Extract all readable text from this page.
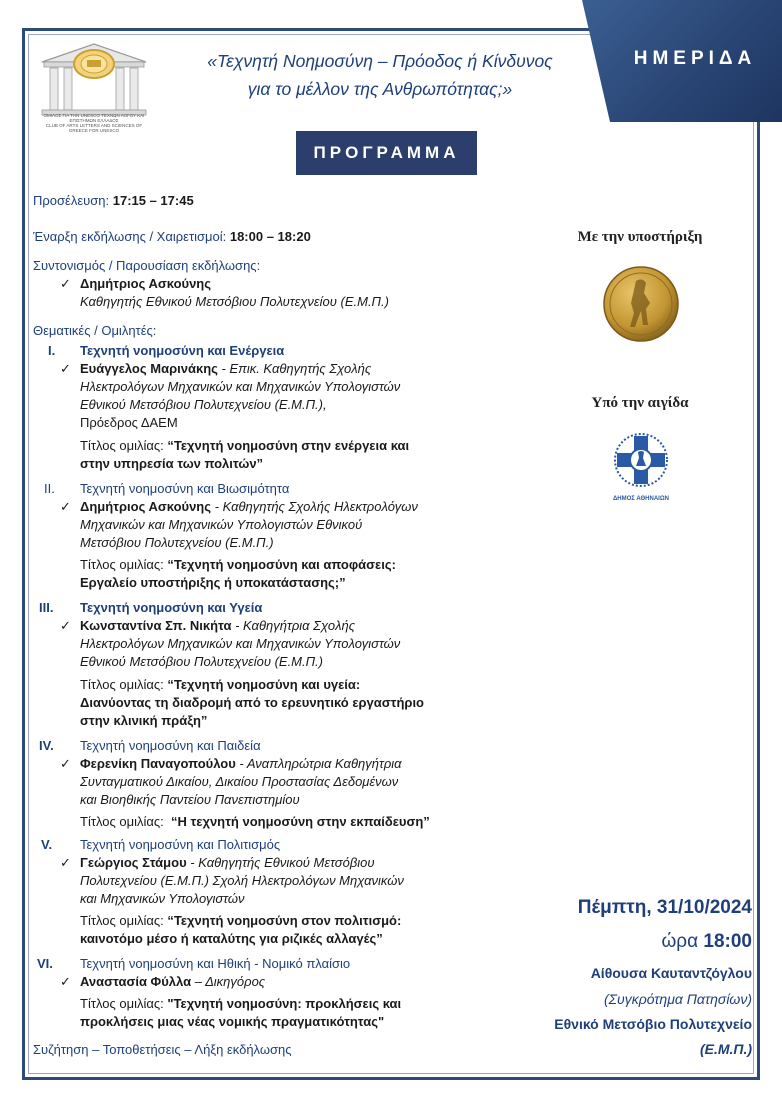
ΗΜΕΡΙΔΑ
ΟΜΙΛΟΣ ΓΙΑ ΤΗΝ UNESCO ΤΕΧΝΩΝ ΛΟΓΟΥ ΚΑΙ ΕΠΙΣΤΗΜΩΝ ΕΛΛΑΔΟΣ
CLUB OF ARTS LETTERS AND SCIENCES OF GREECE FOR UNESCO
«Τεχνητή Νοημοσύνη – Πρόοδος ή Κίνδυνος
για το μέλλον της Ανθρωπότητας;»
ΠΡΟΓΡΑΜΜΑ
Προσέλευση: 17:15 – 17:45
Έναρξη εκδήλωσης / Χαιρετισμοί: 18:00 – 18:20
Συντονισμός / Παρουσίαση εκδήλωσης:
✓ Δημήτριος Ασκούνης
Καθηγητής Εθνικού Μετσόβιου Πολυτεχνείου (Ε.Μ.Π.)
Θεματικές / Ομιλητές:
I. Τεχνητή νοημοσύνη και Ενέργεια
✓ Ευάγγελος Μαρινάκης - Επικ. Καθηγητής Σχολής
Ηλεκτρολόγων Μηχανικών και Μηχανικών Υπολογιστών
Εθνικού Μετσόβιου Πολυτεχνείου (Ε.Μ.Π.),
Πρόεδρος ΔΑΕΜ
Τίτλος ομιλίας: “Τεχνητή νοημοσύνη στην ενέργεια και
στην υπηρεσία των πολιτών”
II. Τεχνητή νοημοσύνη και Βιωσιμότητα
✓ Δημήτριος Ασκούνης - Καθηγητής Σχολής Ηλεκτρολόγων
Μηχανικών και Μηχανικών Υπολογιστών Εθνικού
Μετσόβιου Πολυτεχνείου (Ε.Μ.Π.)
Τίτλος ομιλίας: “Τεχνητή νοημοσύνη και αποφάσεις:
Εργαλείο υποστήριξης ή υποκατάστασης;”
III. Τεχνητή νοημοσύνη και Υγεία
✓ Κωνσταντίνα Σπ. Νικήτα - Καθηγήτρια Σχολής
Ηλεκτρολόγων Μηχανικών και Μηχανικών Υπολογιστών
Εθνικού Μετσόβιου Πολυτεχνείου (Ε.Μ.Π.)
Τίτλος ομιλίας: “Τεχνητή νοημοσύνη και υγεία:
Διανύοντας τη διαδρομή από το ερευνητικό εργαστήριο
στην κλινική πράξη”
IV. Τεχνητή νοημοσύνη και Παιδεία
✓ Φερενίκη Παναγοπούλου - Αναπληρώτρια Καθηγήτρια
Συνταγματικού Δικαίου, Δικαίου Προστασίας Δεδομένων
και Βιοηθικής Παντείου Πανεπιστημίου
Τίτλος ομιλίας: “Η τεχνητή νοημοσύνη στην εκπαίδευση”
V. Τεχνητή νοημοσύνη και Πολιτισμός
✓ Γεώργιος Στάμου - Καθηγητής Εθνικού Μετσόβιου
Πολυτεχνείου (Ε.Μ.Π.) Σχολή Ηλεκτρολόγων Μηχανικών
και Μηχανικών Υπολογιστών
Τίτλος ομιλίας: “Τεχνητή νοημοσύνη στον πολιτισμό:
καινοτόμο μέσο ή καταλύτης για ριζικές αλλαγές”
VI. Τεχνητή νοημοσύνη και Ηθική - Νομικό πλαίσιο
✓ Αναστασία Φύλλα – Δικηγόρος
Τίτλος ομιλίας: "Τεχνητή νοημοσύνη: προκλήσεις και
προκλήσεις μιας νέας νομικής πραγματικότητας"
Συζήτηση – Τοποθετήσεις – Λήξη εκδήλωσης
Με την υποστήριξη
Υπό την αιγίδα
ΔΗΜΟΣ ΑΘΗΝΑΙΩΝ
Πέμπτη, 31/10/2024
ώρα 18:00
Αίθουσα Καυταντζόγλου
(Συγκρότημα Πατησίων)
Εθνικό Μετσόβιο Πολυτεχνείο
(Ε.Μ.Π.)
